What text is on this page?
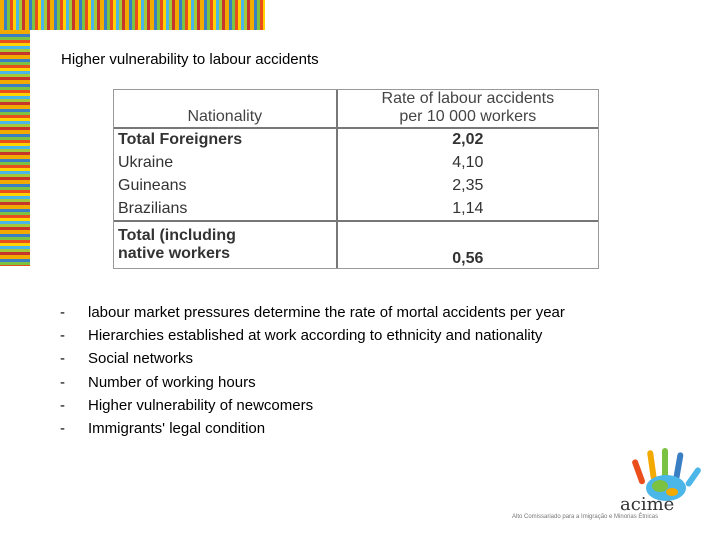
Higher vulnerability to labour accidents
Nationality	Rate of labour accidents
per 10 000 workers
Total Foreigners	2,02
Ukraine	4,10
Guineans	2,35
Brazilians	1,14
Total (including
native workers	0,56
-	labour market pressures determine the rate of mortal accidents per year
-	Hierarchies established at work according to ethnicity and nationality
-	Social networks
-	Number of working hours
-	Higher vulnerability of newcomers
-	Immigrants' legal condition
acime
Alto Comissariado para a Imigração e Minorias Étnicas
